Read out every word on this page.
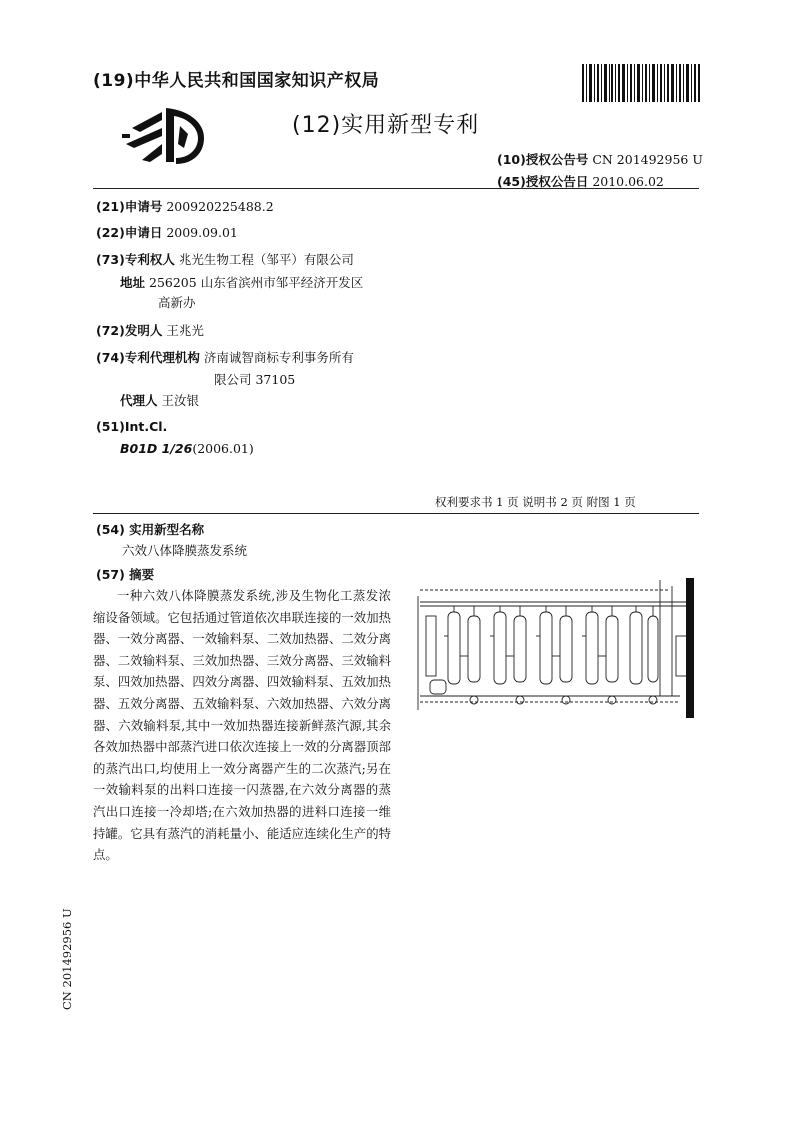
(19)中华人民共和国国家知识产权局
(12)实用新型专利
(10)授权公告号 CN 201492956 U
(45)授权公告日 2010.06.02
(21)申请号 200920225488.2
(22)申请日 2009.09.01
(73)专利权人 兆光生物工程（邹平）有限公司
地址 256205 山东省滨州市邹平经济开发区
高新办
(72)发明人 王兆光
(74)专利代理机构 济南诚智商标专利事务所有
限公司 37105
代理人 王汝银
(51)Int.Cl.
B01D 1/26(2006.01)
权利要求书 1 页 说明书 2 页 附图 1 页
(54) 实用新型名称
六效八体降膜蒸发系统
(57) 摘要
一种六效八体降膜蒸发系统,涉及生物化工蒸发浓缩设备领域。它包括通过管道依次串联连接的一效加热器、一效分离器、一效输料泵、二效加热器、二效分离器、二效输料泵、三效加热器、三效分离器、三效输料泵、四效加热器、四效分离器、四效输料泵、五效加热器、五效分离器、五效输料泵、六效加热器、六效分离器、六效输料泵,其中一效加热器连接新鲜蒸汽源,其余各效加热器中部蒸汽进口依次连接上一效的分离器顶部的蒸汽出口,均使用上一效分离器产生的二次蒸汽;另在一效输料泵的出料口连接一闪蒸器,在六效分离器的蒸汽出口连接一冷却塔;在六效加热器的进料口连接一维持罐。它具有蒸汽的消耗量小、能适应连续化生产的特点。
CN 201492956 U
